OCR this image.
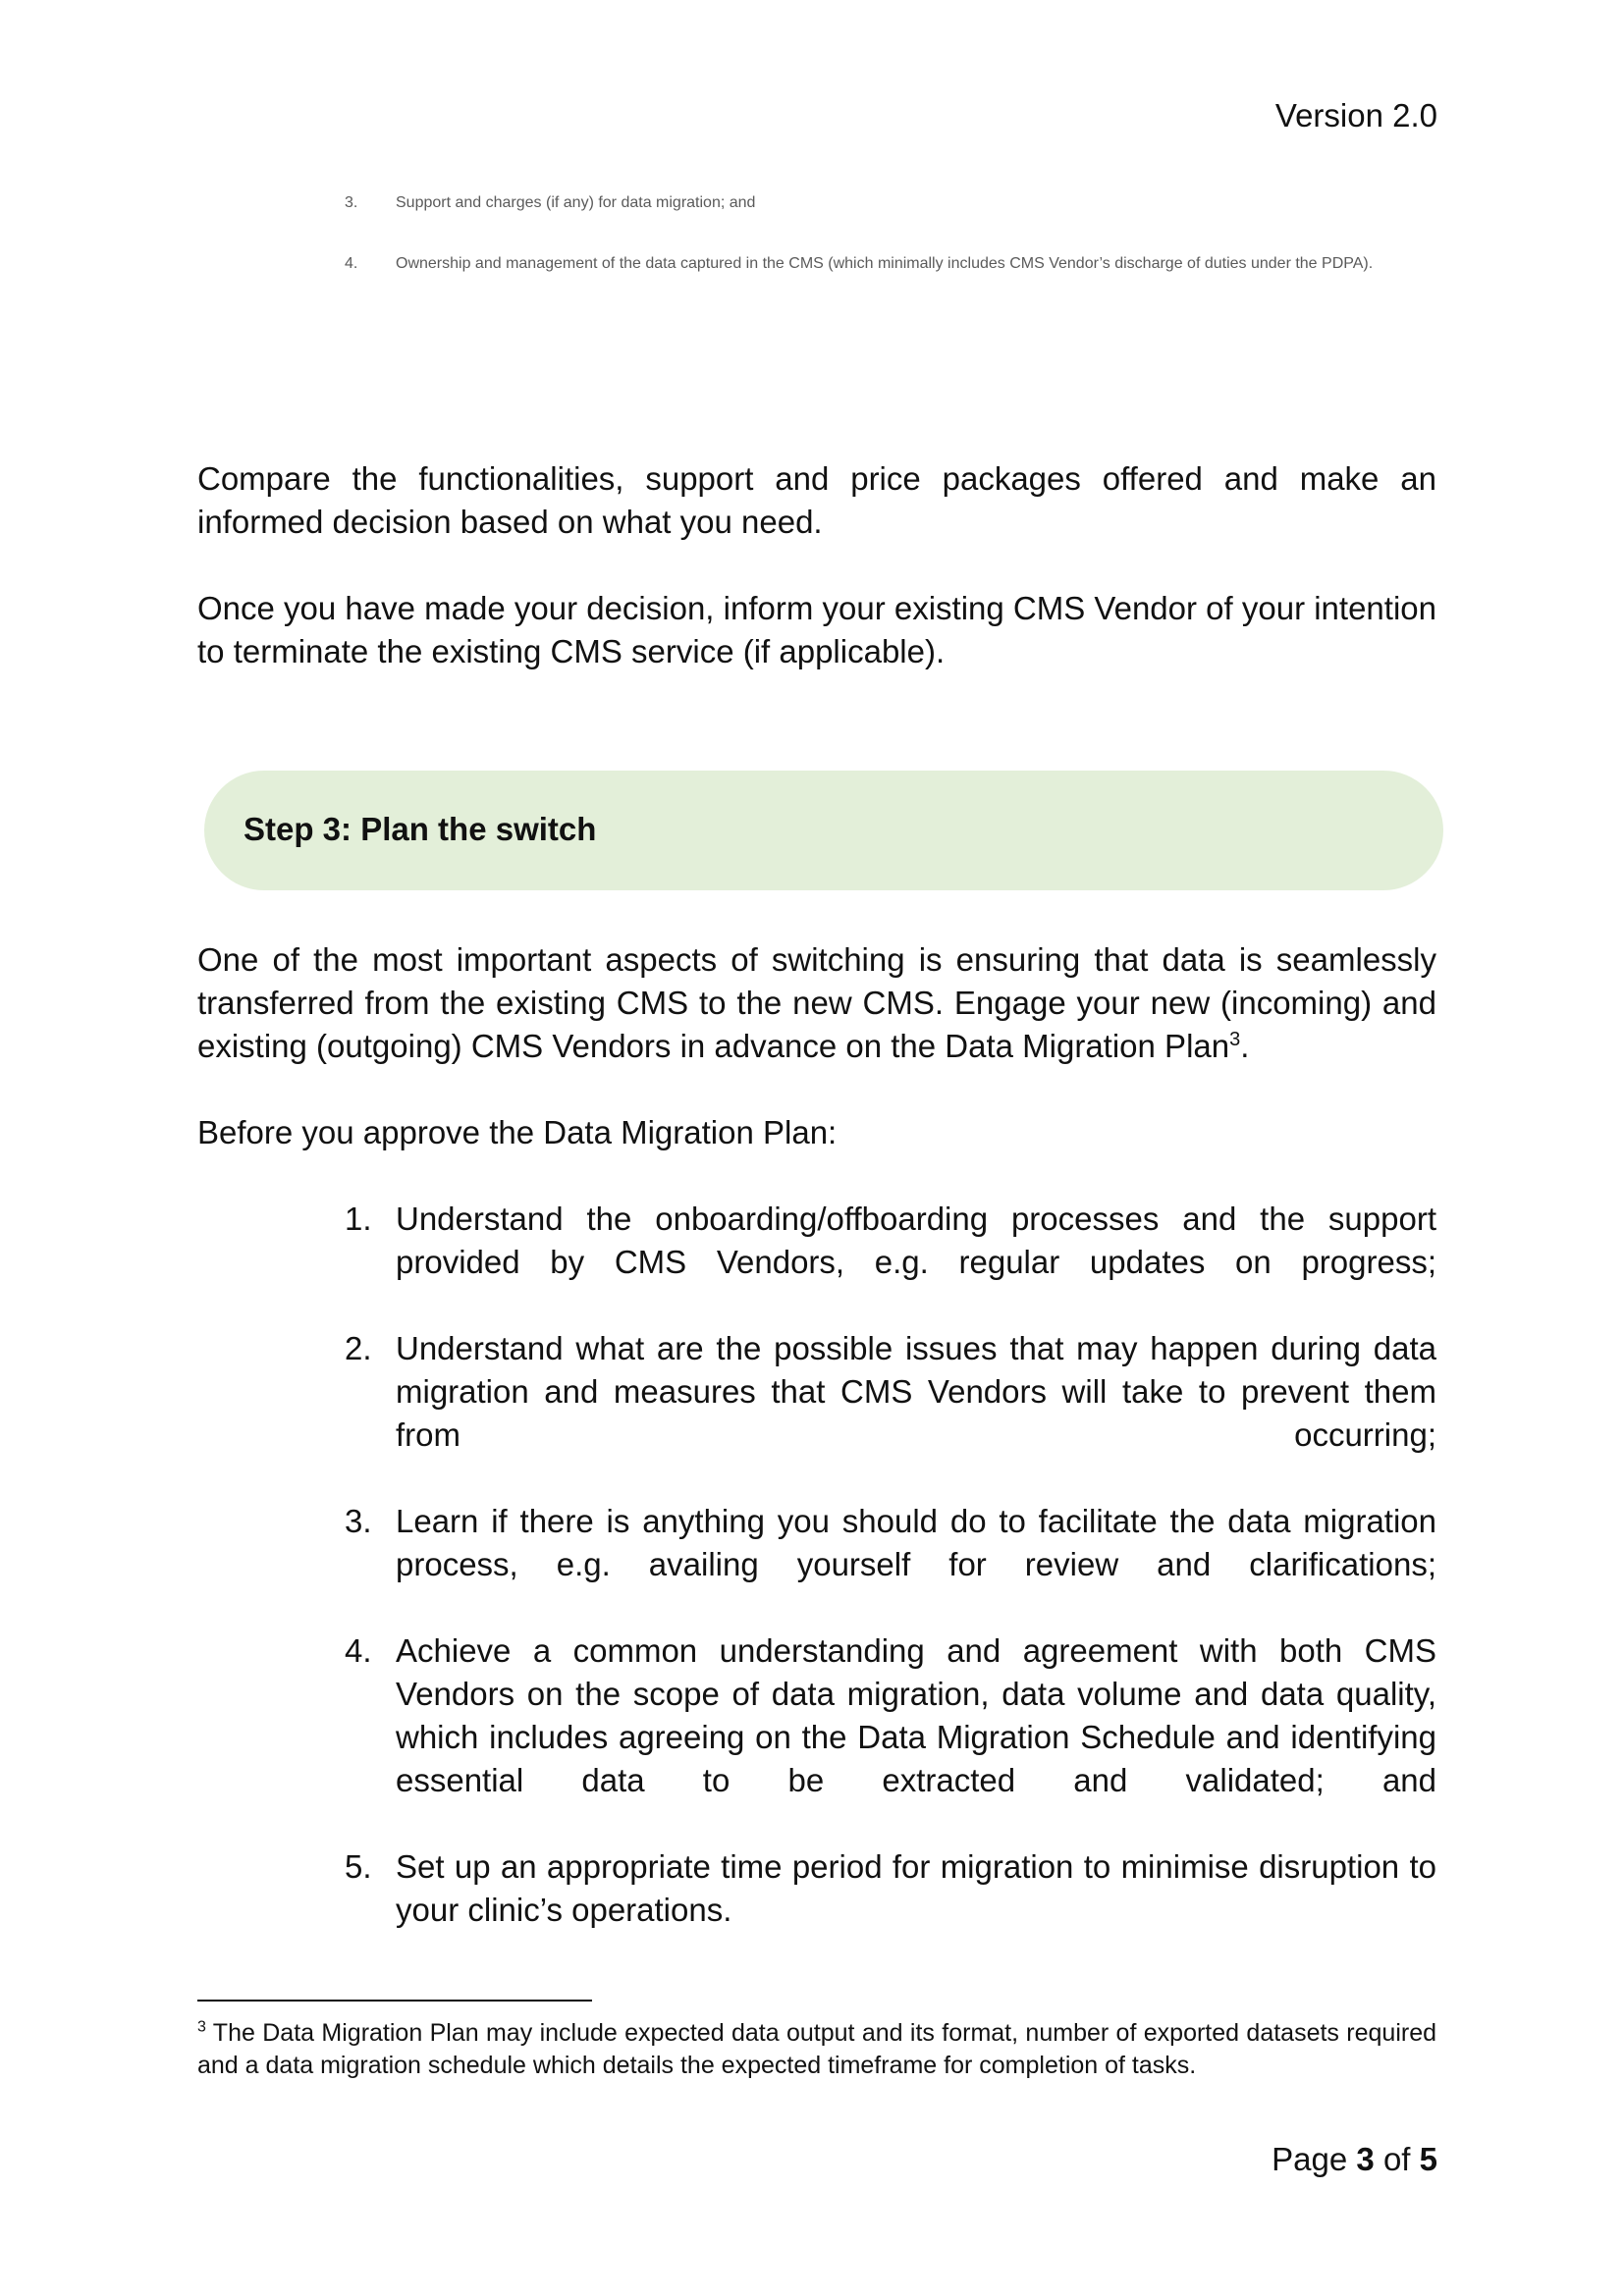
Version 2.0
3. Support and charges (if any) for data migration; and
4. Ownership and management of the data captured in the CMS (which minimally includes CMS Vendor’s discharge of duties under the PDPA).

Compare the functionalities, support and price packages offered and make an informed decision based on what you need.

Once you have made your decision, inform your existing CMS Vendor of your intention to terminate the existing CMS service (if applicable).

Step 3: Plan the switch

One of the most important aspects of switching is ensuring that data is seamlessly transferred from the existing CMS to the new CMS. Engage your new (incoming) and existing (outgoing) CMS Vendors in advance on the Data Migration Plan$^3$.

Before you approve the Data Migration Plan:

1. Understand the onboarding/offboarding processes and the support provided by CMS Vendors, e.g. regular updates on progress;
2. Understand what are the possible issues that may happen during data migration and measures that CMS Vendors will take to prevent them from occurring;
3. Learn if there is anything you should do to facilitate the data migration process, e.g. availing yourself for review and clarifications;
4. Achieve a common understanding and agreement with both CMS Vendors on the scope of data migration, data volume and data quality, which includes agreeing on the Data Migration Schedule and identifying essential data to be extracted and validated; and
5. Set up an appropriate time period for migration to minimise disruption to your clinic’s operations.
$^3$ The Data Migration Plan may include expected data output and its format, number of exported datasets required and a data migration schedule which details the expected timeframe for completion of tasks.
Page 3 of 5
